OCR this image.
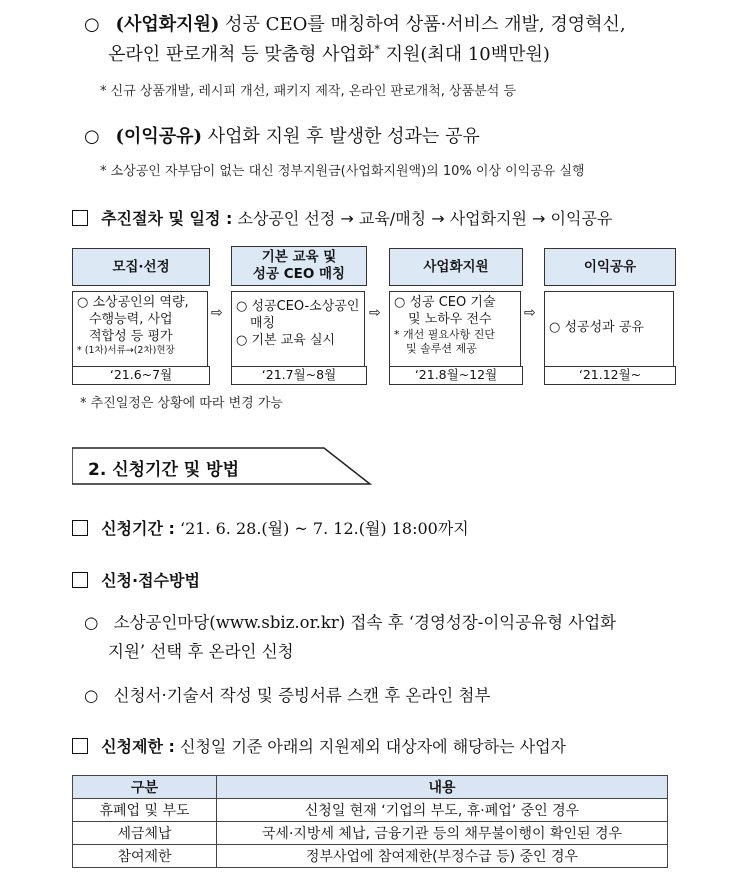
○ (사업화지원) 성공 CEO를 매칭하여 상품·서비스 개발, 경영혁신,
온라인 판로개척 등 맞춤형 사업화* 지원(최대 10백만원)
* 신규 상품개발, 레시피 개선, 패키지 제작, 온라인 판로개척, 상품분석 등
○ (이익공유) 사업화 지원 후 발생한 성과는 공유
* 소상공인 자부담이 없는 대신 정부지원금(사업화지원액)의 10% 이상 이익공유 실행
추진절차 및 일정 : 소상공인 선정 → 교육/매칭 → 사업화지원 → 이익공유
모집·선정
○ 소상공인의 역량,
수행능력, 사업
적합성 등 평가
* (1차)서류→(2차)현장
‘21.6~7월
⇨
기본 교육 및
성공 CEO 매칭
○ 성공CEO-소상공인
매칭
○ 기본 교육 실시
‘21.7월~8월
⇨
사업화지원
○ 성공 CEO 기술
및 노하우 전수
* 개선 필요사항 진단
및 솔루션 제공
‘21.8월~12월
⇨
이익공유
○ 성공성과 공유
‘21.12월~
* 추진일정은 상황에 따라 변경 가능
2. 신청기간 및 방법
신청기간 : ‘21. 6. 28.(월) ~ 7. 12.(월) 18:00까지
신청·접수방법
○ 소상공인마당(www.sbiz.or.kr) 접속 후 ‘경영성장-이익공유형 사업화
지원’ 선택 후 온라인 신청
○ 신청서·기술서 작성 및 증빙서류 스캔 후 온라인 첨부
신청제한 : 신청일 기준 아래의 지원제외 대상자에 해당하는 사업자
구분	내용
휴폐업 및 부도	신청일 현재 ‘기업의 부도, 휴·폐업’ 중인 경우
세금체납	국세·지방세 체납, 금융기관 등의 채무불이행이 확인된 경우
참여제한	정부사업에 참여제한(부정수급 등) 중인 경우
